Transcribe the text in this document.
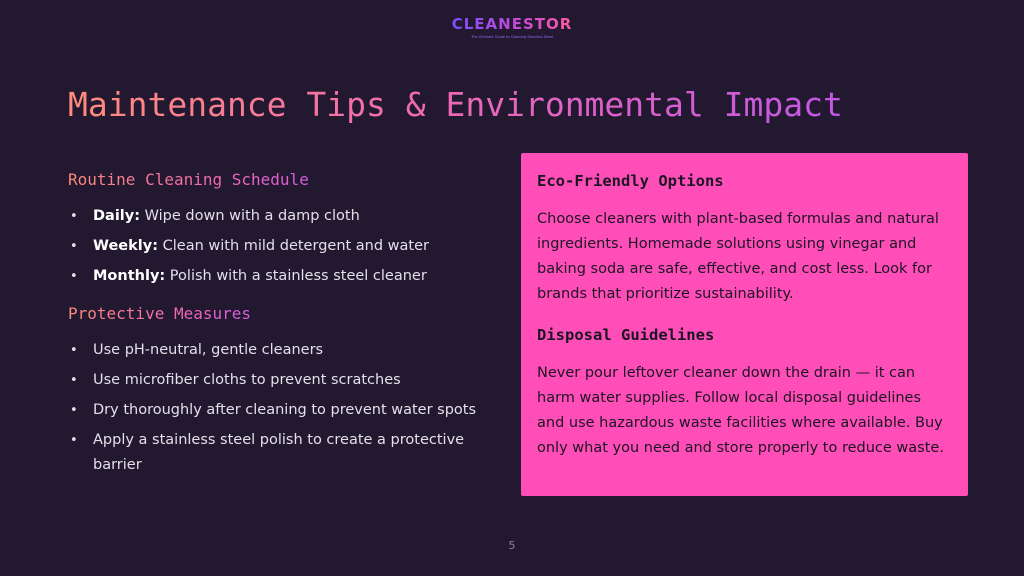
CLEANESTOR
The Ultimate Guide to Cleaning Stainless Steel
Maintenance Tips & Environmental Impact
Routine Cleaning Schedule
• Daily: Wipe down with a damp cloth
• Weekly: Clean with mild detergent and water
• Monthly: Polish with a stainless steel cleaner
Protective Measures
• Use pH-neutral, gentle cleaners
• Use microfiber cloths to prevent scratches
• Dry thoroughly after cleaning to prevent water spots
• Apply a stainless steel polish to create a protective barrier
Eco-Friendly Options

Choose cleaners with plant-based formulas and natural ingredients. Homemade solutions using vinegar and baking soda are safe, effective, and cost less. Look for brands that prioritize sustainability.

Disposal Guidelines

Never pour leftover cleaner down the drain — it can harm water supplies. Follow local disposal guidelines and use hazardous waste facilities where available. Buy only what you need and store properly to reduce waste.

5
